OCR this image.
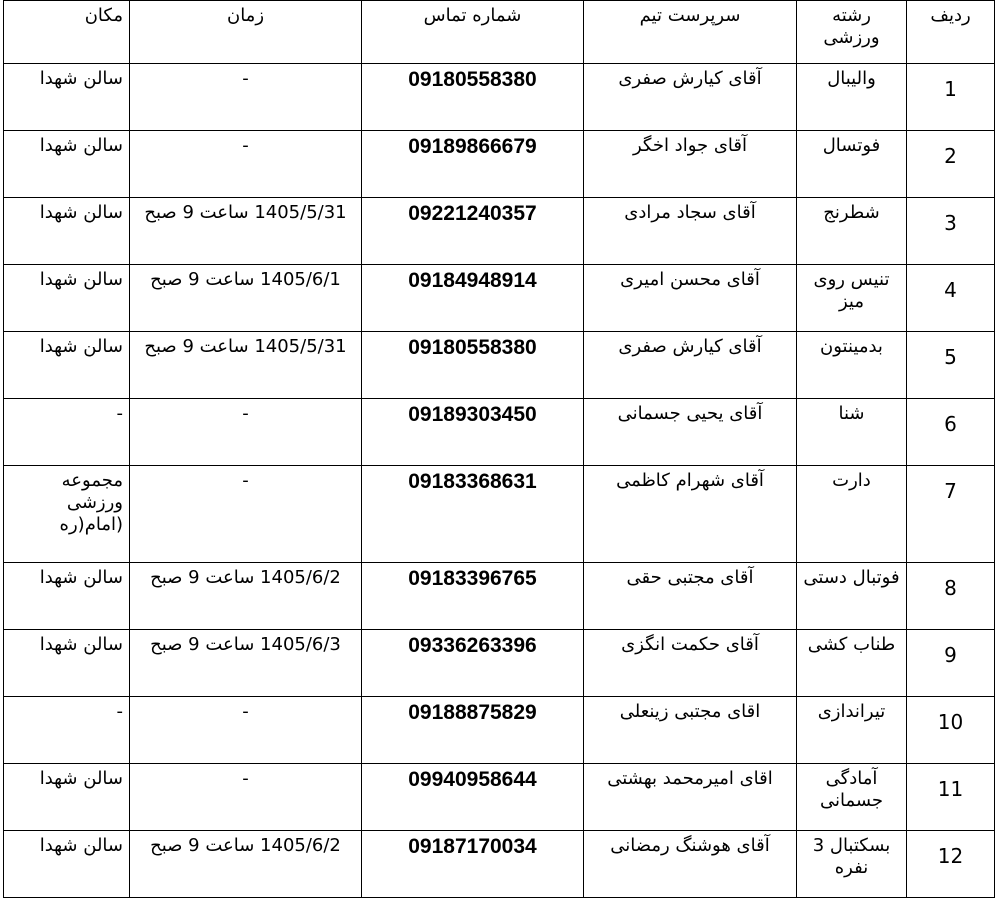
ردیف	رشته ورزشی	سرپرست تیم	شماره تماس	زمان	مکان
1	والیبال	آقای کیارش صفری	09180558380	-	سالن شهدا
2	فوتسال	آقای جواد اخگر	09189866679	-	سالن شهدا
3	شطرنج	آقای سجاد مرادی	09221240357	1405/5/31 ساعت 9 صبح	سالن شهدا
4	تنیس روی میز	آقای محسن امیری	09184948914	1405/6/1 ساعت 9 صبح	سالن شهدا
5	بدمینتون	آقای کیارش صفری	09180558380	1405/5/31 ساعت 9 صبح	سالن شهدا
6	شنا	آقای یحیی جسمانی	09189303450	-	-
7	دارت	آقای شهرام کاظمی	09183368631	-	مجموعه ورزشی (امام(ره
8	فوتبال دستی	آقای مجتبی حقی	09183396765	1405/6/2 ساعت 9 صبح	سالن شهدا
9	طناب کشی	آقای حکمت انگزی	09336263396	1405/6/3 ساعت 9 صبح	سالن شهدا
10	تیراندازی	اقای مجتبی زینعلی	09188875829	-	-
11	آمادگی جسمانی	اقای امیرمحمد بهشتی	09940958644	-	سالن شهدا
12	بسکتبال 3 نفره	آقای هوشنگ رمضانی	09187170034	1405/6/2 ساعت 9 صبح	سالن شهدا
